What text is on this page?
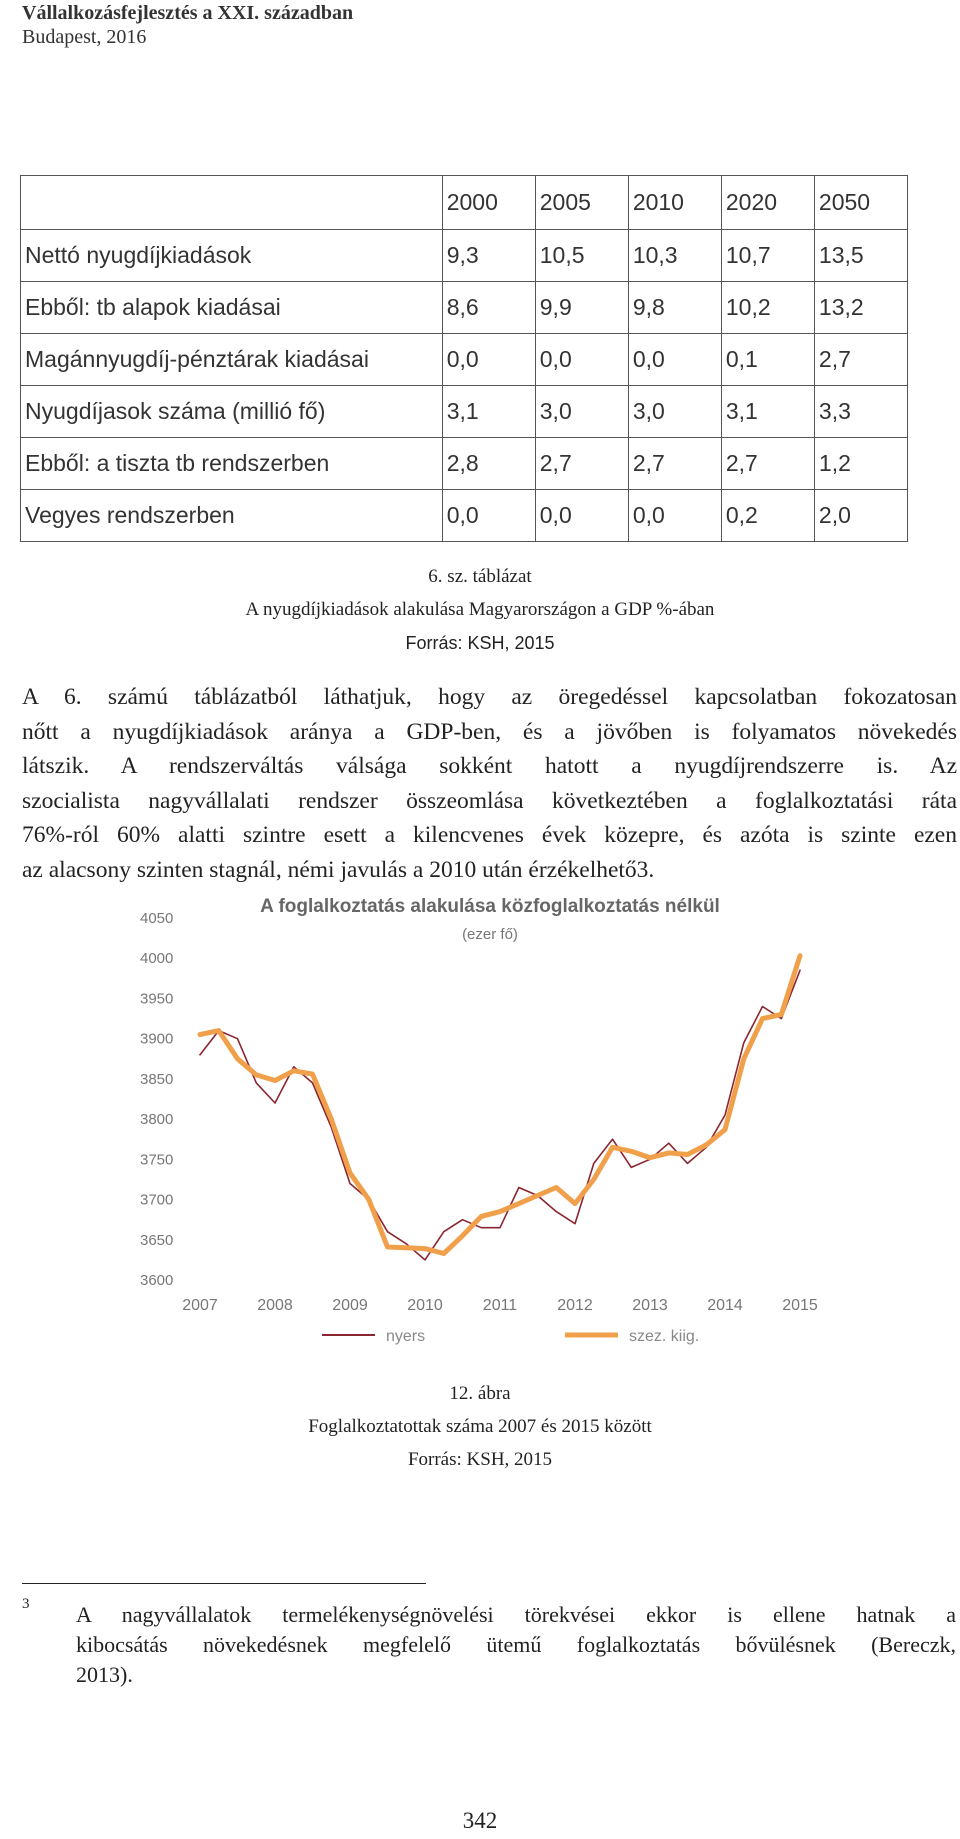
Vállalkozásfejlesztés a XXI. században
Budapest, 2016
	2000	2005	2010	2020	2050
Nettó nyugdíjkiadások	9,3	10,5	10,3	10,7	13,5
Ebből: tb alapok kiadásai	8,6	9,9	9,8	10,2	13,2
Magánnyugdíj-pénztárak kiadásai	0,0	0,0	0,0	0,1	2,7
Nyugdíjasok száma (millió fő)	3,1	3,0	3,0	3,1	3,3
Ebből: a tiszta tb rendszerben	2,8	2,7	2,7	2,7	1,2
Vegyes rendszerben	0,0	0,0	0,0	0,2	2,0
6. sz. táblázat
A nyugdíjkiadások alakulása Magyarországon a GDP %-ában
Forrás: KSH, 2015
A 6. számú táblázatból láthatjuk, hogy az öregedéssel kapcsolatban fokozatosan
nőtt a nyugdíjkiadások aránya a GDP-ben, és a jövőben is folyamatos növekedés
látszik. A rendszerváltás válsága sokként hatott a nyugdíjrendszerre is. Az
szocialista nagyvállalati rendszer összeomlása következtében a foglalkoztatási ráta
76%-ról 60% alatti szintre esett a kilencvenes évek közepre, és azóta is szinte ezen
az alacsony szinten stagnál, némi javulás a 2010 után érzékelhető3.
A foglalkoztatás alakulása közfoglalkoztatás nélkül
(ezer fő)
3600
3650
3700
3750
3800
3850
3900
3950
4000
4050
2007 2008 2009 2010	2011	2012 2013 2014 2015
nyers	szez. kiig.
12. ábra
Foglalkoztatottak száma 2007 és 2015 között
Forrás: KSH, 2015
3 A nagyvállalatok termelékenységnövelési törekvései ekkor is ellene hatnak a
kibocsátás növekedésnek megfelelő ütemű foglalkoztatás bővülésnek (Bereczk,
2013).
342
